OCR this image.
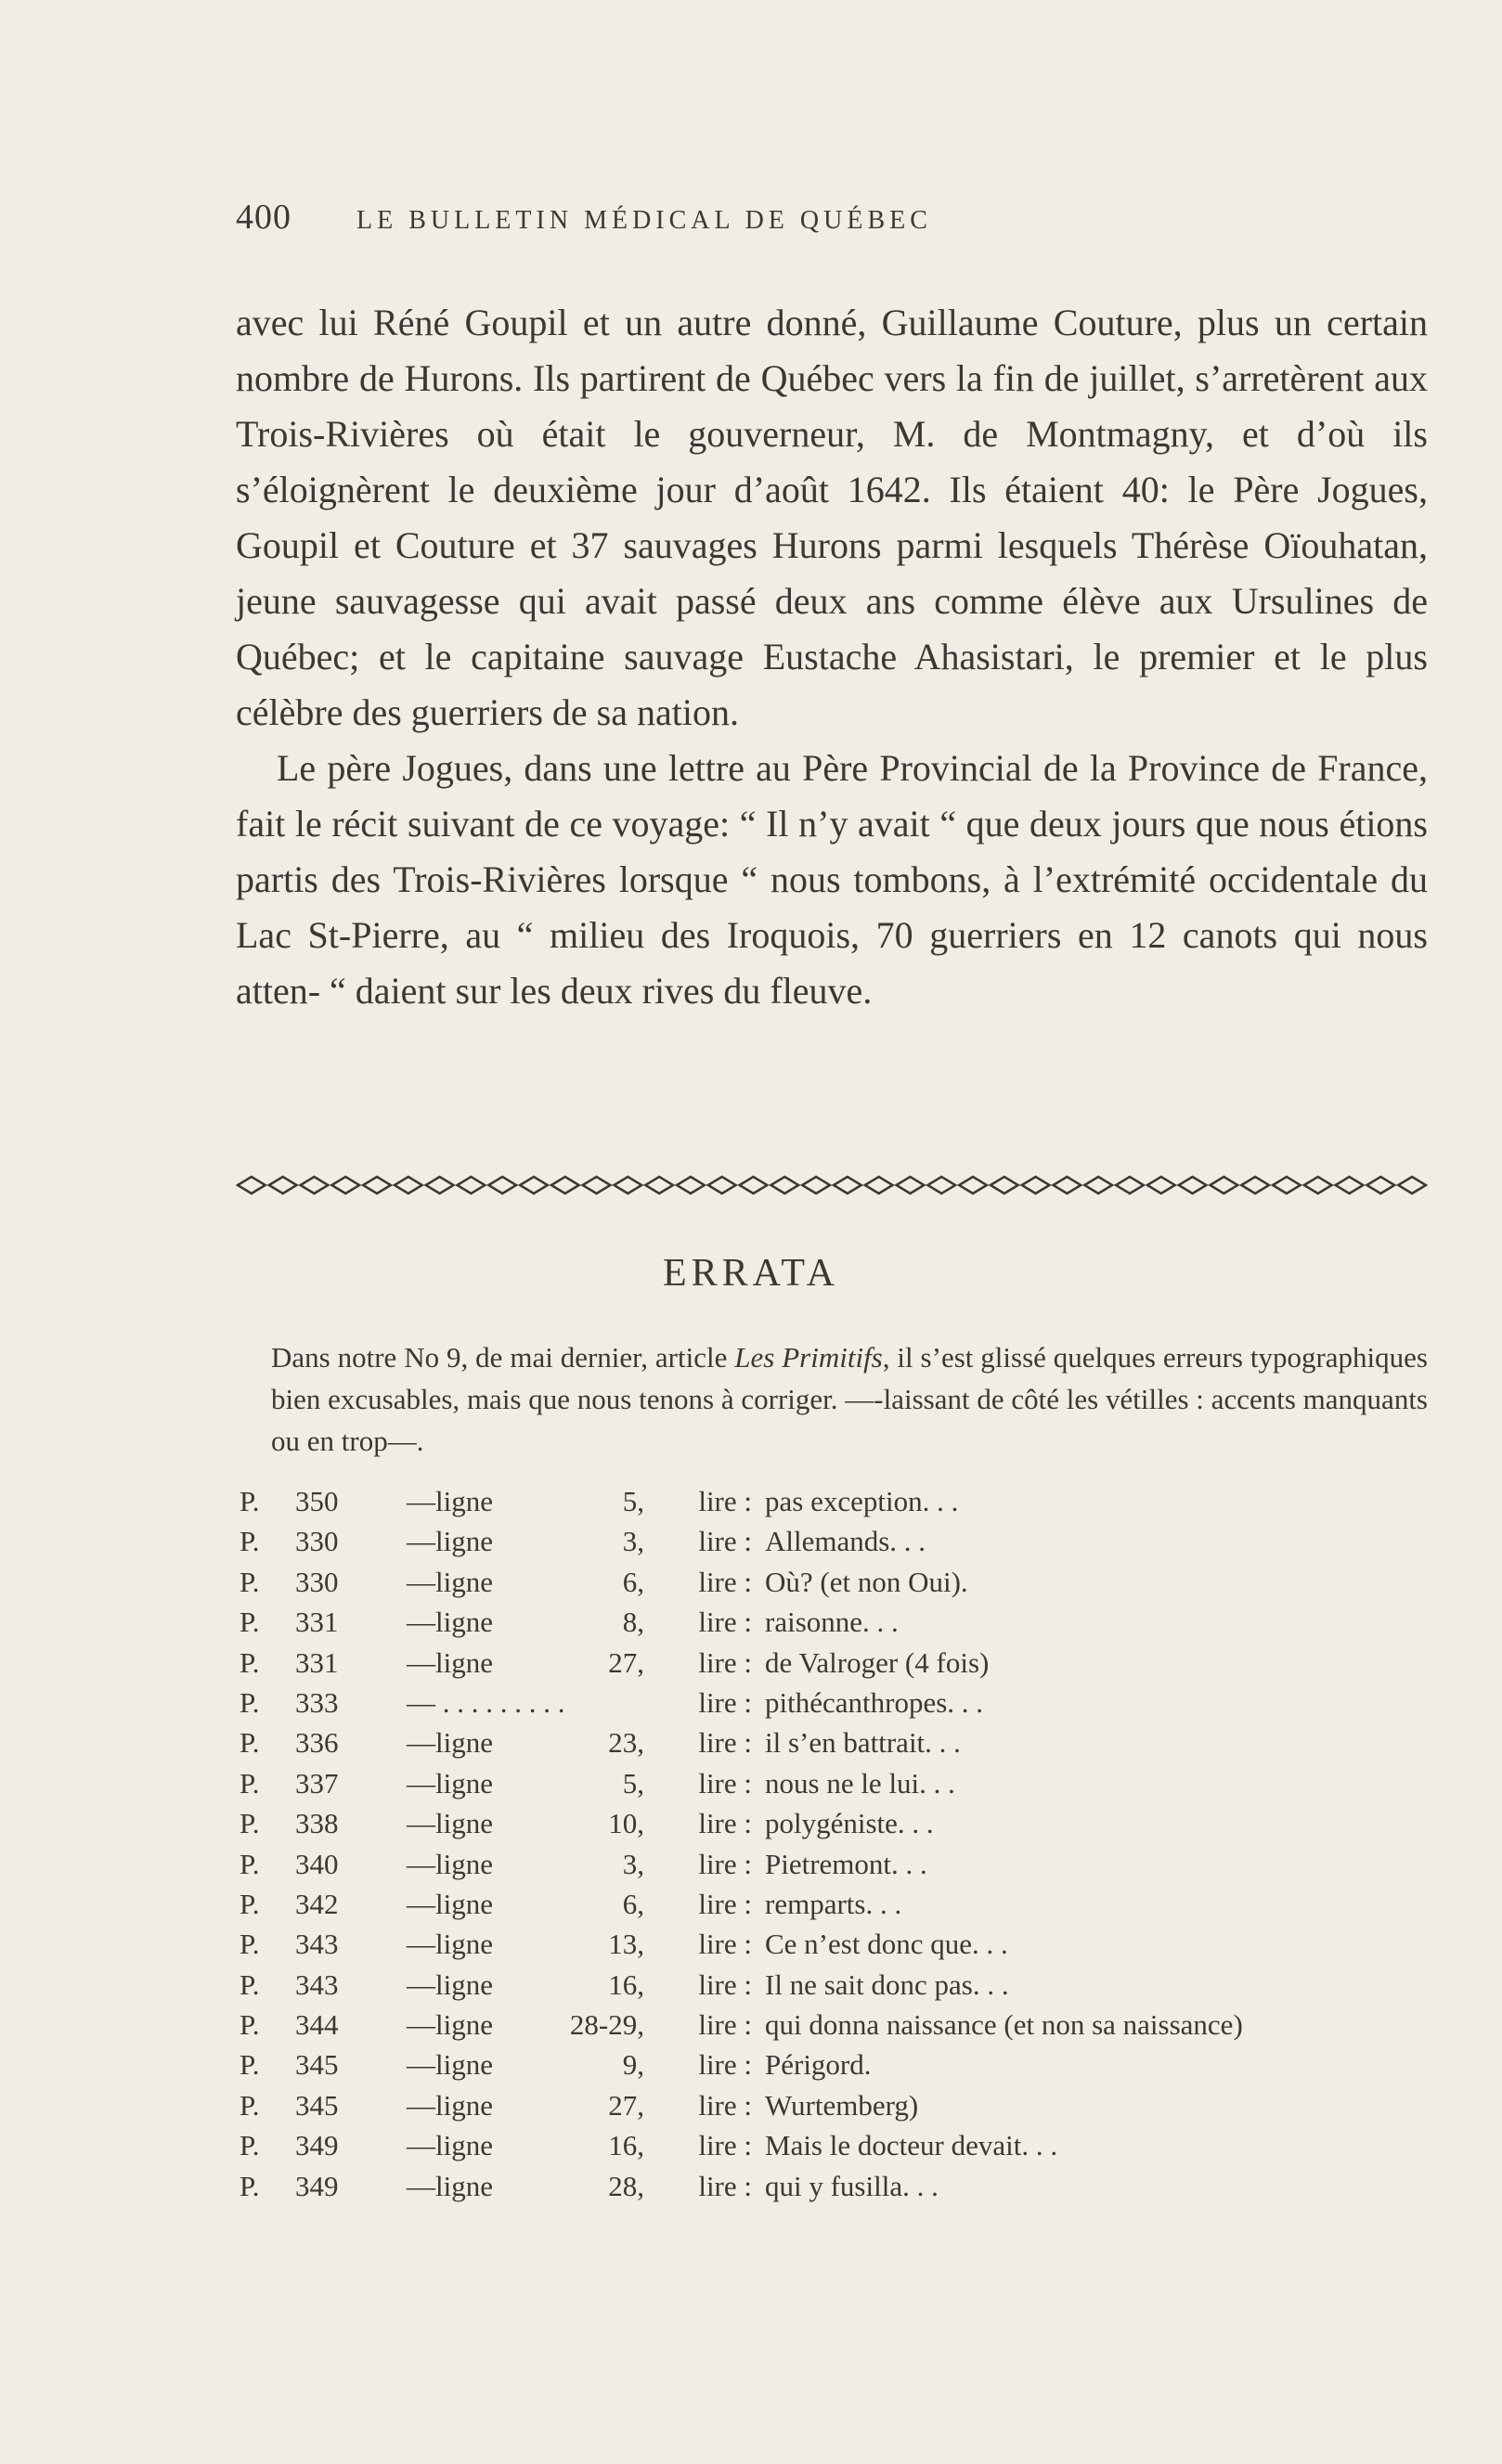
400	LE BULLETIN MÉDICAL DE QUÉBEC

avec lui Réné Goupil et un autre donné, Guillaume Couture, plus un certain nombre de Hurons. Ils partirent de Québec vers la fin de juillet, s’arretèrent aux Trois-Rivières où était le gouverneur, M. de Montmagny, et d’où ils s’éloignèrent le deuxième jour d’août 1642. Ils étaient 40: le Père Jogues, Goupil et Couture et 37 sauvages Hurons parmi lesquels Thérèse Oïouhatan, jeune sauvagesse qui avait passé deux ans comme élève aux Ursulines de Québec; et le capitaine sauvage Eustache Ahasistari, le premier et le plus célèbre des guerriers de sa nation.

Le père Jogues, dans une lettre au Père Provincial de la Province de France, fait le récit suivant de ce voyage: “ Il n’y avait “ que deux jours que nous étions partis des Trois-Rivières lorsque “ nous tombons, à l’extrémité occidentale du Lac St-Pierre, au “ milieu des Iroquois, 70 guerriers en 12 canots qui nous atten- “ daient sur les deux rives du fleuve.

ERRATA

Dans notre No 9, de mai dernier, article Les Primitifs, il s’est glissé quelques erreurs typographiques bien excusables, mais que nous tenons à corriger. —-laissant de côté les vétilles : accents manquants ou en trop—.

P.	350	—ligne	5,	lire : pas exception. . .
P.	330	—ligne	3,	lire : Allemands. . .
P.	330	—ligne	6,	lire : Où? (et non Oui).
P.	331	—ligne	8,	lire : raisonne. . .
P.	331	—ligne	27,	lire : de Valroger (4 fois)
P.	333	— . . . . . . . . .	lire : pithécanthropes. . .
P.	336	—ligne	23,	lire : il s’en battrait. . .
P.	337	—ligne	5,	lire : nous ne le lui. . .
P.	338	—ligne	10,	lire : polygéniste. . .
P.	340	—ligne	3,	lire : Pietremont. . .
P.	342	—ligne	6,	lire : remparts. . .
P.	343	—ligne	13,	lire : Ce n’est donc que. . .
P.	343	—ligne	16,	lire : Il ne sait donc pas. . .
P.	344	—ligne	28-29,	lire : qui donna naissance (et non sa naissance)
P.	345	—ligne	9,	lire : Périgord.
P.	345	—ligne	27,	lire : Wurtemberg)
P.	349	—ligne	16,	lire : Mais le docteur devait. . .
P.	349	—ligne	28,	lire : qui y fusilla. . .
